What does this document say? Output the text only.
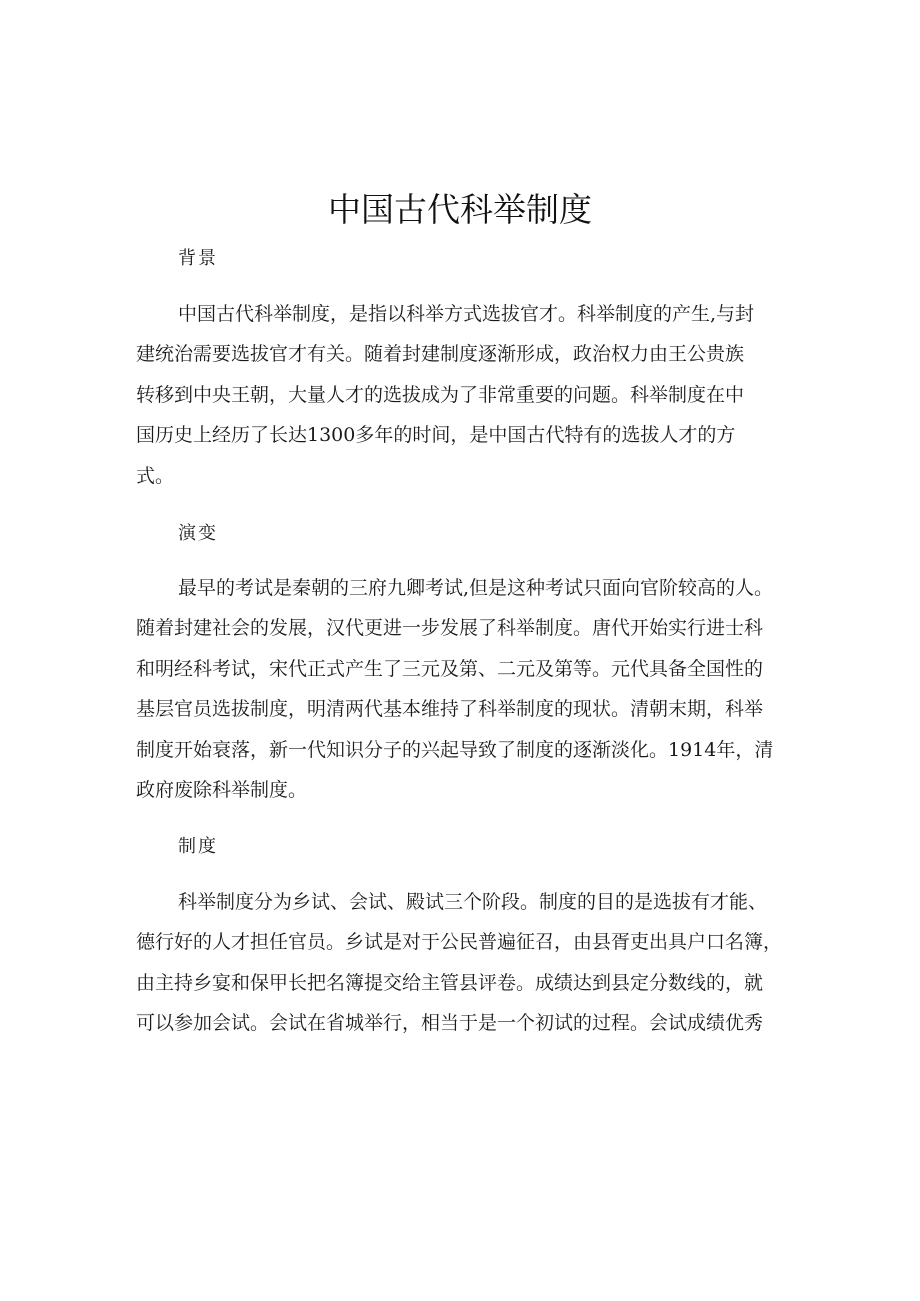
中国古代科举制度
背景
中国古代科举制度，是指以科举方式选拔官才。科举制度的产生,与封
建统治需要选拔官才有关。随着封建制度逐渐形成，政治权力由王公贵族
转移到中央王朝，大量人才的选拔成为了非常重要的问题。科举制度在中
国历史上经历了长达1300多年的时间，是中国古代特有的选拔人才的方
式。
演变
最早的考试是秦朝的三府九卿考试,但是这种考试只面向官阶较高的人。
随着封建社会的发展，汉代更进一步发展了科举制度。唐代开始实行进士科
和明经科考试，宋代正式产生了三元及第、二元及第等。元代具备全国性的
基层官员选拔制度，明清两代基本维持了科举制度的现状。清朝末期，科举
制度开始衰落，新一代知识分子的兴起导致了制度的逐渐淡化。1914年，清
政府废除科举制度。
制度
科举制度分为乡试、会试、殿试三个阶段。制度的目的是选拔有才能、
德行好的人才担任官员。乡试是对于公民普遍征召，由县胥吏出具户口名簿，
由主持乡宴和保甲长把名簿提交给主管县评卷。成绩达到县定分数线的，就
可以参加会试。会试在省城举行，相当于是一个初试的过程。会试成绩优秀
